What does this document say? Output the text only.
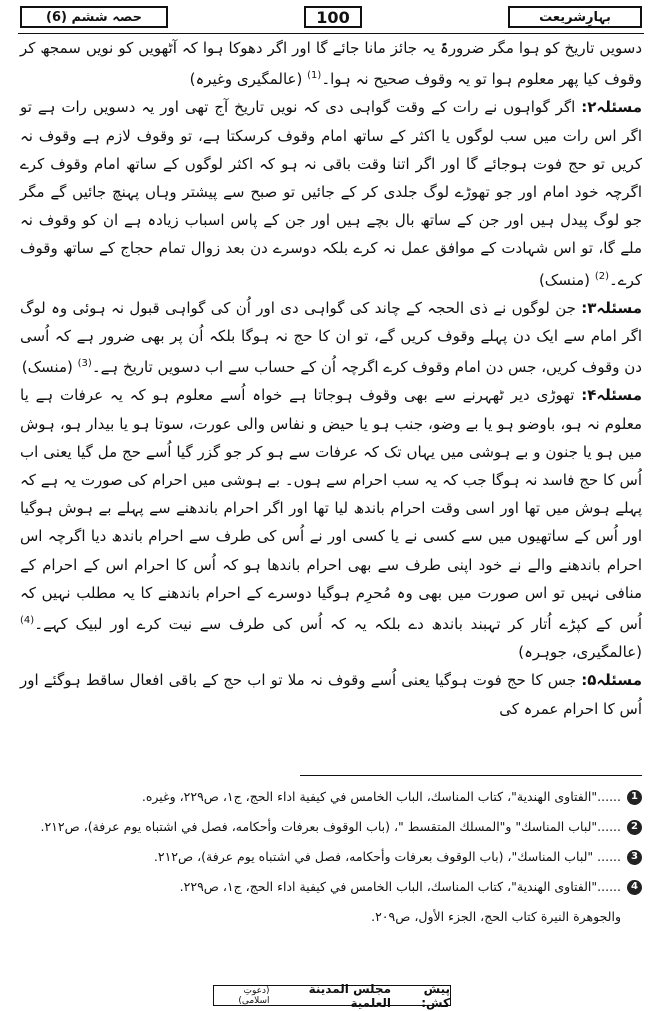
بہارِشریعت
100
حصہ ششم (6)

دسویں تاریخ کو ہوا مگر ضرورۃً یہ جائز مانا جائے گا اور اگر دھوکا ہوا کہ آٹھویں کو نویں سمجھ کر وقوف کیا پھر معلوم ہوا تو یہ وقوف صحیح نہ ہوا۔$^{(1)}$ (عالمگیری وغیرہ)

مسئلہ۲: اگر گواہوں نے رات کے وقت گواہی دی کہ نویں تاریخ آج تھی اور یہ دسویں رات ہے تو اگر اس رات میں سب لوگوں یا اکثر کے ساتھ امام وقوف کرسکتا ہے، تو وقوف لازم ہے وقوف نہ کریں تو حج فوت ہوجائے گا اور اگر اتنا وقت باقی نہ ہو کہ اکثر لوگوں کے ساتھ امام وقوف کرے اگرچہ خود امام اور جو تھوڑے لوگ جلدی کر کے جائیں تو صبح سے پیشتر وہاں پہنچ جائیں گے مگر جو لوگ پیدل ہیں اور جن کے ساتھ بال بچے ہیں اور جن کے پاس اسباب زیادہ ہے ان کو وقوف نہ ملے گا، تو اس شہادت کے موافق عمل نہ کرے بلکہ دوسرے دن بعد زوال تمام حجاج کے ساتھ وقوف کرے۔$^{(2)}$ (منسک)

مسئلہ۳: جن لوگوں نے ذی الحجہ کے چاند کی گواہی دی اور اُن کی گواہی قبول نہ ہوئی وہ لوگ اگر امام سے ایک دن پہلے وقوف کریں گے، تو ان کا حج نہ ہوگا بلکہ اُن پر بھی ضرور ہے کہ اُسی دن وقوف کریں، جس دن امام وقوف کرے اگرچہ اُن کے حساب سے اب دسویں تاریخ ہے۔$^{(3)}$ (منسک)

مسئلہ۴: تھوڑی دیر ٹھہرنے سے بھی وقوف ہوجاتا ہے خواہ اُسے معلوم ہو کہ یہ عرفات ہے یا معلوم نہ ہو، باوضو ہو یا بے وضو، جنب ہو یا حیض و نفاس والی عورت، سوتا ہو یا بیدار ہو، ہوش میں ہو یا جنون و بے ہوشی میں یہاں تک کہ عرفات سے ہو کر جو گزر گیا اُسے حج مل گیا یعنی اب اُس کا حج فاسد نہ ہوگا جب کہ یہ سب احرام سے ہوں۔ بے ہوشی میں احرام کی صورت یہ ہے کہ پہلے ہوش میں تھا اور اسی وقت احرام باندھ لیا تھا اور اگر احرام باندھنے سے پہلے بے ہوش ہوگیا اور اُس کے ساتھیوں میں سے کسی نے یا کسی اور نے اُس کی طرف سے احرام باندھ دیا اگرچہ اس احرام باندھنے والے نے خود اپنی طرف سے بھی احرام باندھا ہو کہ اُس کا احرام اس کے احرام کے منافی نہیں تو اس صورت میں بھی وہ مُحرِم ہوگیا دوسرے کے احرام باندھنے کا یہ مطلب نہیں کہ اُس کے کپڑے اُتار کر تہبند باندھ دے بلکہ یہ کہ اُس کی طرف سے نیت کرے اور لبیک کہے۔$^{(4)}$ (عالمگیری، جوہرہ)

مسئلہ۵: جس کا حج فوت ہوگیا یعنی اُسے وقوف نہ ملا تو اب حج کے باقی افعال ساقط ہوگئے اور اُس کا احرام عمرہ کی

1
......"الفتاوى الهندية"، كتاب المناسك، الباب الخامس في كيفية اداء الحج، ج١، ص٢٢٩، وغيره.
2
......"لباب المناسك" و"المسلك المتقسط "، (باب الوقوف بعرفات وأحكامه، فصل في اشتباه يوم عرفة)، ص٢١٢.
3
...... "لباب المناسك"، (باب الوقوف بعرفات وأحكامه، فصل في اشتباه يوم عرفة)، ص٢١٢.
4
......"الفتاوى الهندية"، كتاب المناسك، الباب الخامس في كيفية اداء الحج، ج١، ص٢٢٩.
والجوهرة النيرة كتاب الحج، الجزء الأول، ص٢٠٩.
پیش کش:

مجلس المدینة العلمیة
(دعوتِ اسلامی)
